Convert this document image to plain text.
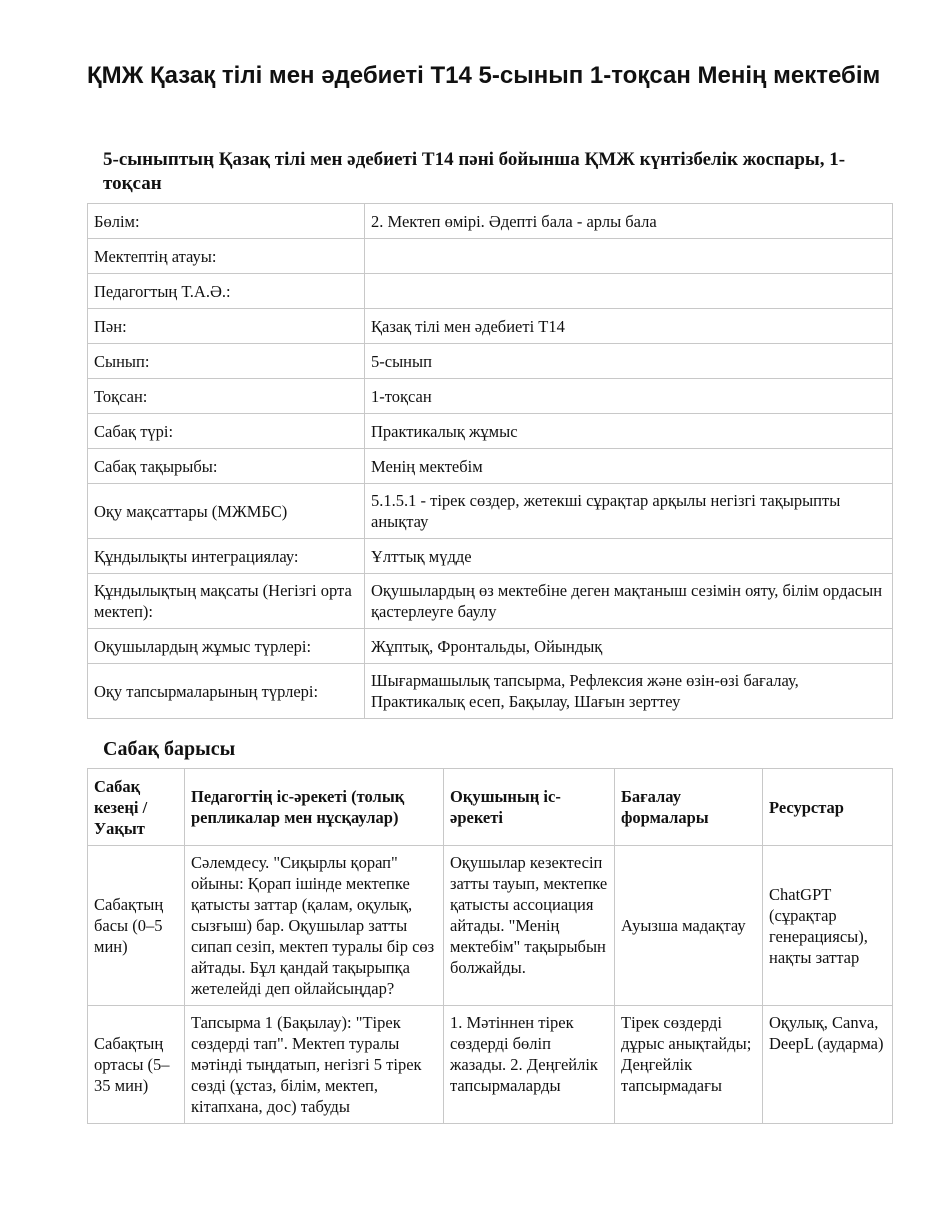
ҚМЖ Қазақ тілі мен әдебиеті Т14 5-сынып 1-тоқсан Менің мектебім
5-сыныптың Қазақ тілі мен әдебиеті Т14 пәні бойынша ҚМЖ күнтізбелік жоспары, 1-тоқсан
Бөлім:	2. Мектеп өмірі. Әдепті бала - арлы бала
Мектептің атауы:	
Педагогтың Т.А.Ә.:	
Пән:	Қазақ тілі мен әдебиеті Т14
Сынып:	5-сынып
Тоқсан:	1-тоқсан
Сабақ түрі:	Практикалық жұмыс
Сабақ тақырыбы:	Менің мектебім
Оқу мақсаттары (МЖМБС)	5.1.5.1 - тірек сөздер, жетекші сұрақтар арқылы негізгі тақырыпты анықтау
Құндылықты интеграциялау:	Ұлттық мүдде
Құндылықтың мақсаты (Негізгі орта мектеп):	Оқушылардың өз мектебіне деген мақтаныш сезімін ояту, білім ордасын қастерлеуге баулу
Оқушылардың жұмыс түрлері:	Жұптық, Фронтальды, Ойындық
Оқу тапсырмаларының түрлері:	Шығармашылық тапсырма, Рефлексия және өзін-өзі бағалау, Практикалық есеп, Бақылау, Шағын зерттеу
Сабақ барысы
Сабақ кезеңі / Уақыт	Педагогтің іс-әрекеті (толық репликалар мен нұсқаулар)	Оқушының іс-әрекеті	Бағалау формалары	Ресурстар
Сабақтың басы (0–5 мин)	Сәлемдесу. "Сиқырлы қорап" ойыны: Қорап ішінде мектепке қатысты заттар (қалам, оқулық, сызғыш) бар. Оқушылар затты сипап сезіп, мектеп туралы бір сөз айтады. Бұл қандай тақырыпқа жетелейді деп ойлайсыңдар?	Оқушылар кезектесіп затты тауып, мектепке қатысты ассоциация айтады. "Менің мектебім" тақырыбын болжайды.	Ауызша мадақтау	ChatGPT (сұрақтар генерациясы), нақты заттар
Сабақтың ортасы (5–35 мин)	Тапсырма 1 (Бақылау): "Тірек сөздерді тап". Мектеп туралы мәтінді тыңдатып, негізгі 5 тірек сөзді (ұстаз, білім, мектеп, кітапхана, дос) табуды	1. Мәтіннен тірек сөздерді бөліп жазады. 2. Деңгейлік тапсырмаларды	Тірек сөздерді дұрыс анықтайды; Деңгейлік тапсырмадағы	Оқулық, Canva, DeepL (аударма)
